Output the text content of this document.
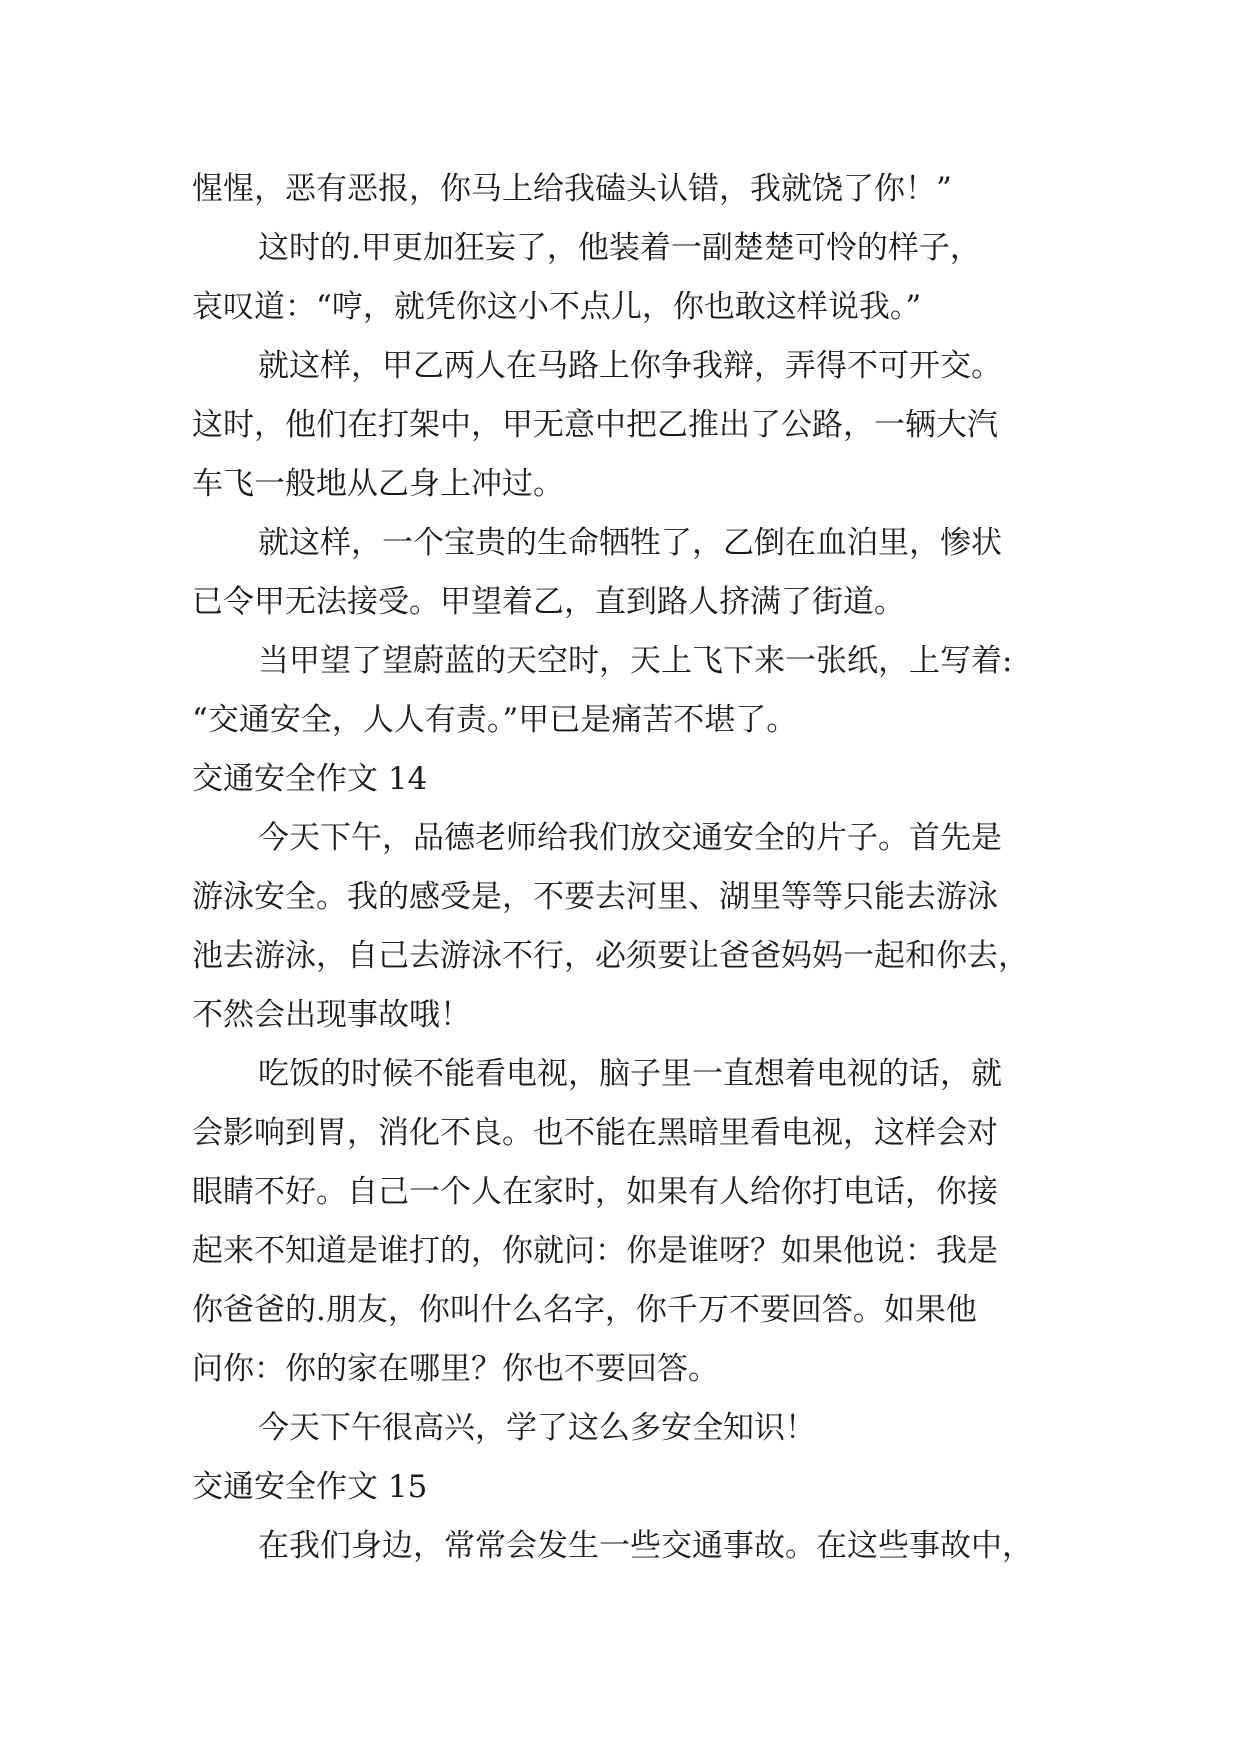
惺惺，恶有恶报，你马上给我磕头认错，我就饶了你！”
这时的.甲更加狂妄了，他装着一副楚楚可怜的样子，
哀叹道：“哼，就凭你这小不点儿，你也敢这样说我。”
就这样，甲乙两人在马路上你争我辩，弄得不可开交。
这时，他们在打架中，甲无意中把乙推出了公路，一辆大汽
车飞一般地从乙身上冲过。
就这样，一个宝贵的生命牺牲了，乙倒在血泊里，惨状
已令甲无法接受。甲望着乙，直到路人挤满了街道。
当甲望了望蔚蓝的天空时，天上飞下来一张纸，上写着:
“交通安全，人人有责。”甲已是痛苦不堪了。
交通安全作文 14
今天下午，品德老师给我们放交通安全的片子。首先是
游泳安全。我的感受是，不要去河里、湖里等等只能去游泳
池去游泳，自己去游泳不行，必须要让爸爸妈妈一起和你去，
不然会出现事故哦！
吃饭的时候不能看电视，脑子里一直想着电视的话，就
会影响到胃，消化不良。也不能在黑暗里看电视，这样会对
眼睛不好。自己一个人在家时，如果有人给你打电话，你接
起来不知道是谁打的，你就问：你是谁呀？如果他说：我是
你爸爸的.朋友，你叫什么名字，你千万不要回答。如果他
问你：你的家在哪里？你也不要回答。
今天下午很高兴，学了这么多安全知识！
交通安全作文 15
在我们身边，常常会发生一些交通事故。在这些事故中，
